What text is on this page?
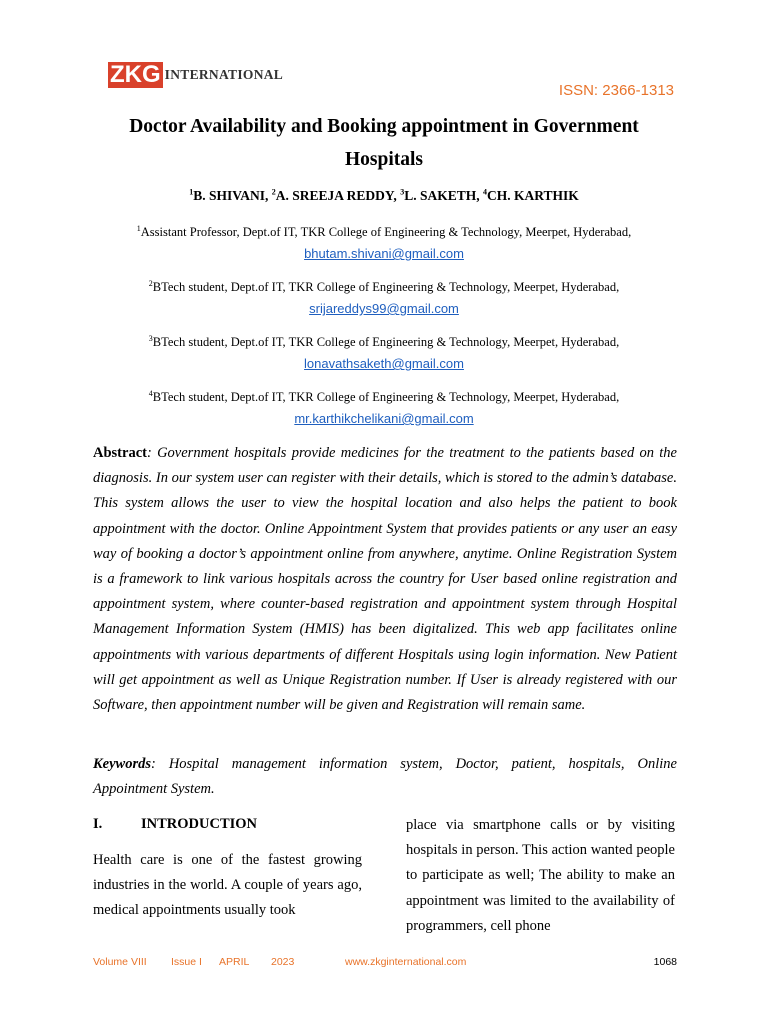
ZKG INTERNATIONAL
ISSN: 2366-1313
Doctor Availability and Booking appointment in Government Hospitals
$^1$B. SHIVANI, $^2$A. SREEJA REDDY, $^3$L. SAKETH, $^4$CH. KARTHIK
$^1$Assistant Professor, Dept.of IT, TKR College of Engineering & Technology, Meerpet, Hyderabad,
bhutam.shivani@gmail.com
$^2$BTech student, Dept.of IT, TKR College of Engineering & Technology, Meerpet, Hyderabad,
srijareddys99@gmail.com
$^3$BTech student, Dept.of IT, TKR College of Engineering & Technology, Meerpet, Hyderabad,
lonavathsaketh@gmail.com
$^4$BTech student, Dept.of IT, TKR College of Engineering & Technology, Meerpet, Hyderabad,
mr.karthikchelikani@gmail.com
Abstract: Government hospitals provide medicines for the treatment to the patients based on the diagnosis. In our system user can register with their details, which is stored to the admin’s database. This system allows the user to view the hospital location and also helps the patient to book appointment with the doctor. Online Appointment System that provides patients or any user an easy way of booking a doctor’s appointment online from anywhere, anytime. Online Registration System is a framework to link various hospitals across the country for User based online registration and appointment system, where counter-based registration and appointment system through Hospital Management Information System (HMIS) has been digitalized. This web app facilitates online appointments with various departments of different Hospitals using login information. New Patient will get appointment as well as Unique Registration number. If User is already registered with our Software, then appointment number will be given and Registration will remain same.
Keywords: Hospital management information system, Doctor, patient, hospitals, Online Appointment System.
I.	INTRODUCTION
Health care is one of the fastest growing industries in the world. A couple of years ago, medical appointments usually took
place via smartphone calls or by visiting hospitals in person. This action wanted people to participate as well; The ability to make an appointment was limited to the availability of programmers, cell phone
Volume VIII Issue I APRIL 2023	www.zkginternational.com	1068
